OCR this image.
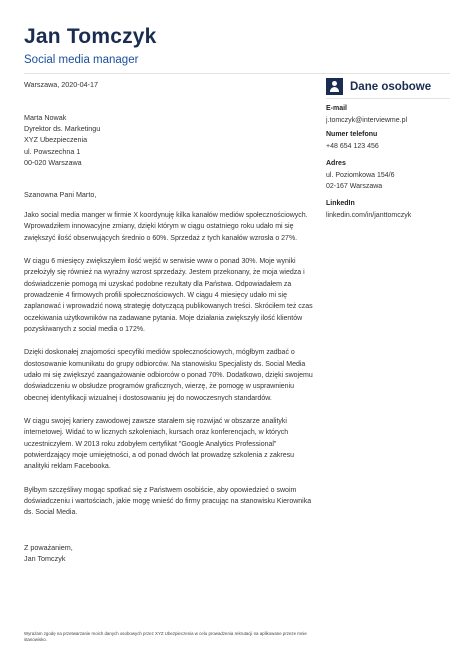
Jan Tomczyk
Social media manager
Warszawa, 2020-04-17
Marta Nowak
Dyrektor ds. Marketingu
XYZ Ubezpieczenia
ul. Powszechna 1
00-020 Warszawa
Szanowna Pani Marto,

Jako social media manger w firmie X koordynuję kilka kanałów mediów społecznościowych. Wprowadziłem innowacyjne zmiany, dzięki którym w ciągu ostatniego roku udało mi się zwiększyć ilość obserwujących średnio o 60%. Sprzedaż z tych kanałów wzrosła o 27%.

W ciągu 6 miesięcy zwiększyłem ilość wejść w serwisie www o ponad 30%. Moje wyniki przełożyły się również na wyraźny wzrost sprzedaży. Jestem przekonany, że moja wiedza i doświadczenie pomogą mi uzyskać podobne rezultaty dla Państwa. Odpowiadałem za prowadzenie 4 firmowych profili społecznościowych. W ciągu 4 miesięcy udało mi się zaplanować i wprowadzić nową strategię dotyczącą publikowanych treści. Skróciłem też czas oczekiwania użytkowników na zadawane pytania. Moje działania zwiększyły ilość klientów pozyskiwanych z social media o 172%.

Dzięki doskonałej znajomości specyfiki mediów społecznościowych, mógłbym zadbać o dostosowanie komunikatu do grupy odbiorców. Na stanowisku Specjalisty ds. Social Media udało mi się zwiększyć zaangażowanie odbiorców o ponad 70%. Dodatkowo, dzięki swojemu doświadczeniu w obsłudze programów graficznych, wierzę, że pomogę w usprawnieniu obecnej identyfikacji wizualnej i dostosowaniu jej do nowoczesnych standardów.

W ciągu swojej kariery zawodowej zawsze starałem się rozwijać w obszarze analityki internetowej. Widać to w licznych szkoleniach, kursach oraz konferencjach, w których uczestniczyłem. W 2013 roku zdobyłem certyfikat "Google Analytics Professional" potwierdzający moje umiejętności, a od ponad dwóch lat prowadzę szkolenia z zakresu analityki reklam Facebooka.

Byłbym szczęśliwy mogąc spotkać się z Państwem osobiście, aby opowiedzieć o swoim doświadczeniu i wartościach, jakie mogę wnieść do firmy pracując na stanowisku Kierownika ds. Social Media.

Z poważaniem,
Jan Tomczyk
Wyrażam zgodę na przetwarzanie moich danych osobowych przez XYZ Ubezpieczenia w celu prowadzenia rekrutacji na aplikowane przeze mnie stanowisko.
Dane osobowe
E-mail
j.tomczyk@interviewme.pl
Numer telefonu
+48 654 123 456
Adres
ul. Poziomkowa 154/6
02-167 Warszawa
LinkedIn
linkedin.com/in/janttomczyk
